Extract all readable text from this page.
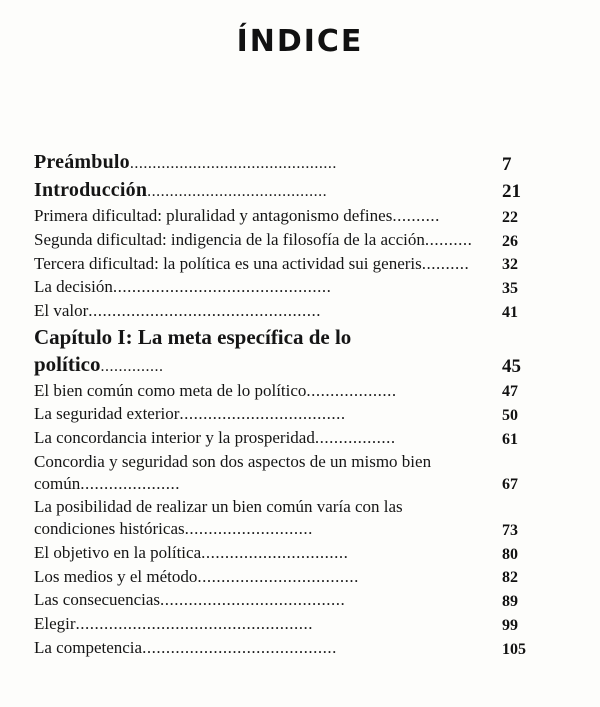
ÍNDICE
Preámbulo..............................................	7
Introducción........................................	21
Primera dificultad: pluralidad y antagonismo defines..........	22
Segunda dificultad: indigencia de la filosofía de la acción..........	26
Tercera dificultad: la política es una actividad sui generis..........	32
La decisión..............................................	35
El valor.................................................	41
Capítulo I: La meta específica de lo político..............	45
El bien común como meta de lo político...................	47
La seguridad exterior...................................	50
La concordancia interior y la prosperidad.................	61
Concordia y seguridad son dos aspectos de un mismo bien común.....................	67
La posibilidad de realizar un bien común varía con las condiciones históricas...........................	73
El objetivo en la política...............................	80
Los medios y el método..................................	82
Las consecuencias.......................................	89
Elegir..................................................	99
La competencia.........................................	105
